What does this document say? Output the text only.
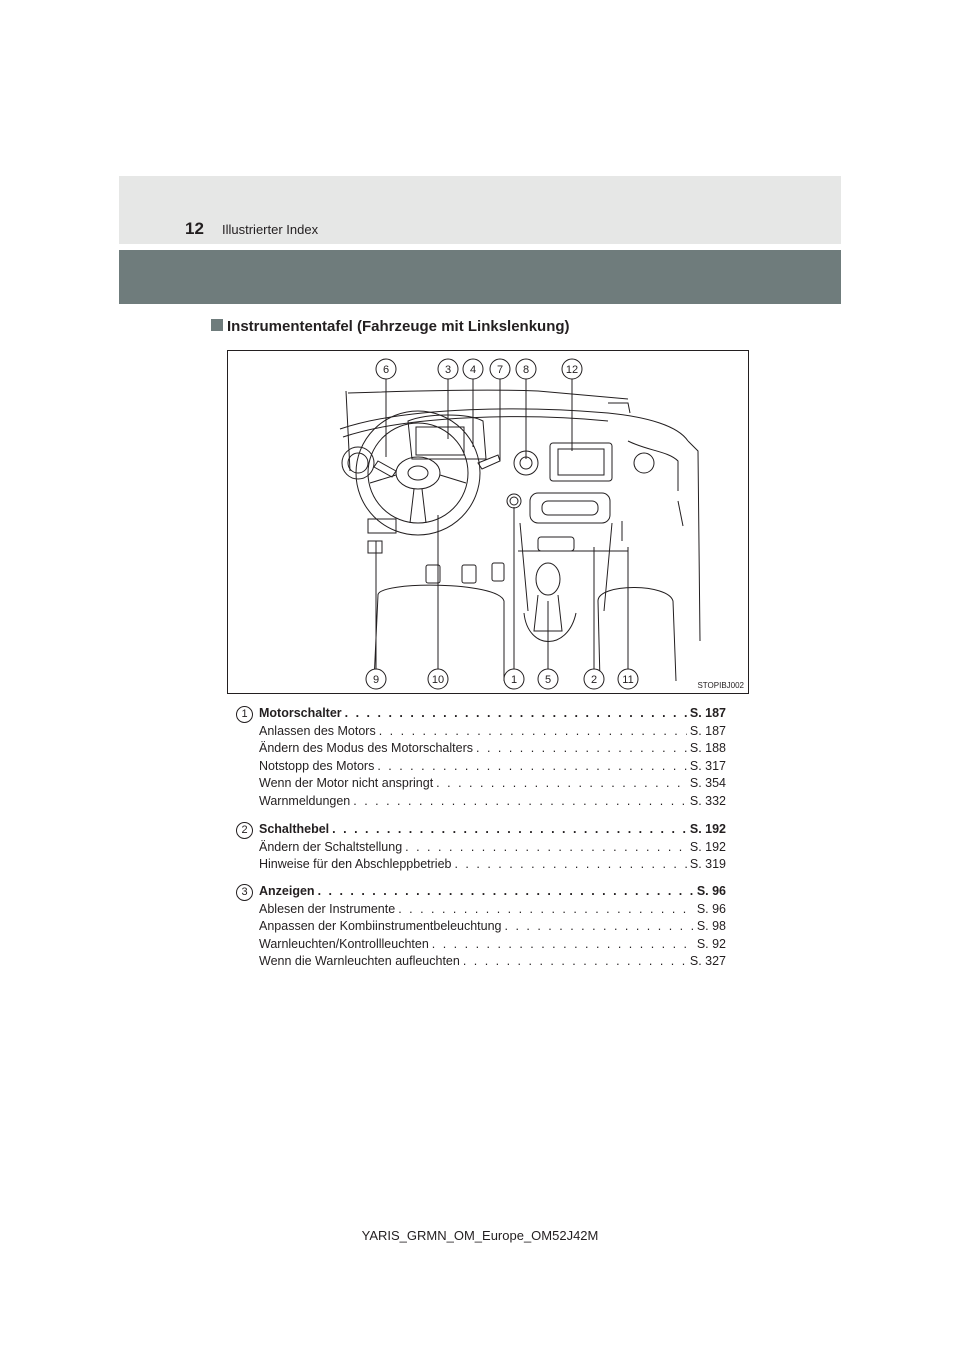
12 Illustrierter Index
Instrumententafel (Fahrzeuge mit Linkslenkung)
6	3 4 7 8	12
9	10	1	5	2 11	STOPIBJ002
1 Motorschalter . . .	S. 187
Anlassen des Motors . . .	S. 187
Ändern des Modus des Motorschalters . . .	S. 188
Notstopp des Motors . . .	S. 317
Wenn der Motor nicht anspringt . . .	S. 354
Warnmeldungen . . .	S. 332
2 Schalthebel . . .	S. 192
Ändern der Schaltstellung . . .	S. 192
Hinweise für den Abschleppbetrieb . . .	S. 319
3 Anzeigen . . .	S. 96
Ablesen der Instrumente . . .	S. 96
Anpassen der Kombiinstrumentbeleuchtung . . .	S. 98
Warnleuchten/Kontrollleuchten . . .	S. 92
Wenn die Warnleuchten aufleuchten . . .	S. 327
YARIS_GRMN_OM_Europe_OM52J42M
